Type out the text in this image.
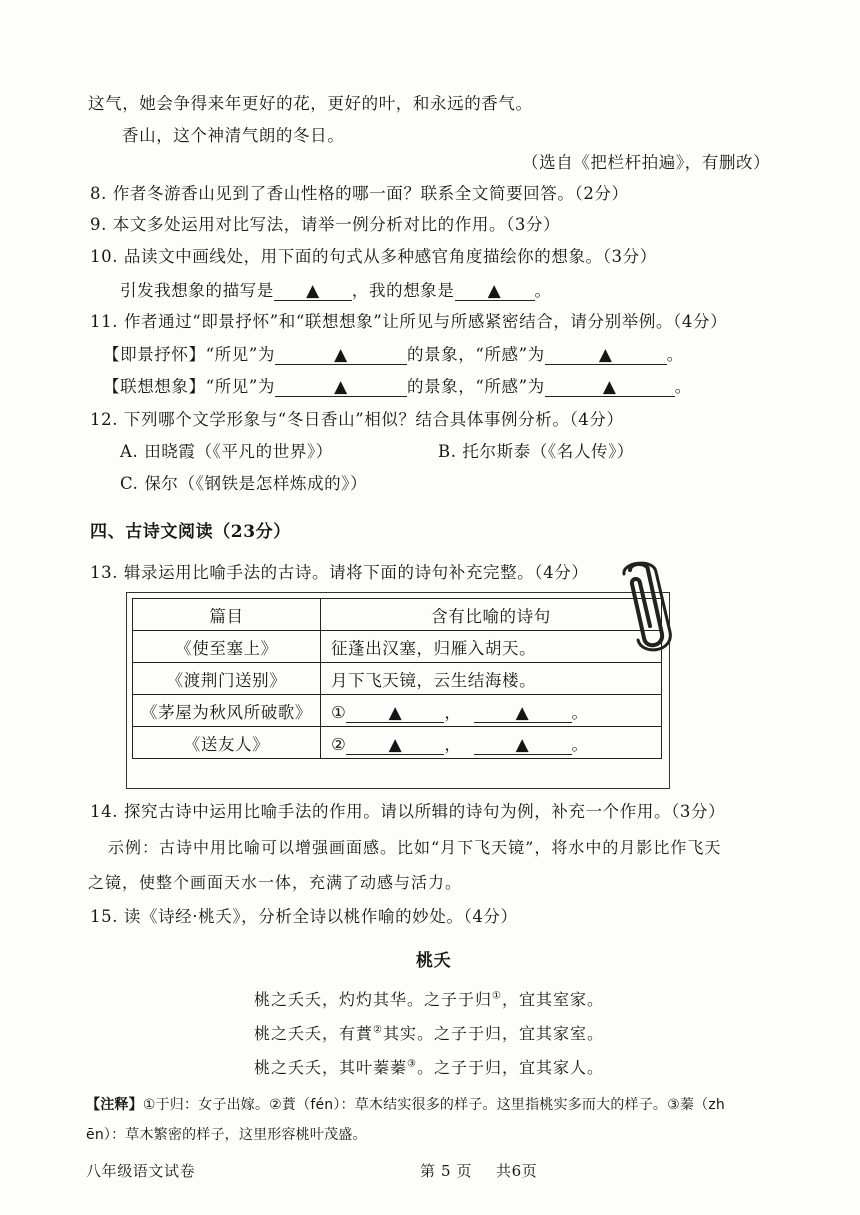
这气，她会争得来年更好的花，更好的叶，和永远的香气。
香山，这个神清气朗的冬日。
（选自《把栏杆拍遍》，有删改）
8. 作者冬游香山见到了香山性格的哪一面？联系全文简要回答。（2分）
9. 本文多处运用对比写法，请举一例分析对比的作用。（3分）
10. 品读文中画线处，用下面的句式从多种感官角度描绘你的想象。（3分）
引发我想象的描写是 ▲ ，我的想象是 ▲ 。
11. 作者通过“即景抒怀”和“联想想象”让所见与所感紧密结合，请分别举例。（4分）
【即景抒怀】“所见”为	▲	的景象，“所感”为	▲	。
【联想想象】“所见”为	▲	的景象，“所感”为	▲	。
12. 下列哪个文学形象与“冬日香山”相似？结合具体事例分析。（4分）
A. 田晓霞（《平凡的世界》）	B. 托尔斯泰（《名人传》）
C. 保尔（《钢铁是怎样炼成的》）
四、古诗文阅读（23分）
13. 辑录运用比喻手法的古诗。请将下面的诗句补充完整。（4分）
篇目	含有比喻的诗句
《使至塞上》	征蓬出汉塞，归雁入胡天。
《渡荆门送别》	月下飞天镜，云生结海楼。
《茅屋为秋风所破歌》	① ▲ ， ▲ 。
《送友人》	② ▲ ， ▲ 。
14. 探究古诗中运用比喻手法的作用。请以所辑的诗句为例，补充一个作用。（3分）
示例：古诗中用比喻可以增强画面感。比如“月下飞天镜”，将水中的月影比作飞天
之镜，使整个画面天水一体，充满了动感与活力。
15. 读《诗经·桃夭》，分析全诗以桃作喻的妙处。（4分）
桃夭
桃之夭夭，灼灼其华。之子于归①，宜其室家。
桃之夭夭，有蕡②其实。之子于归，宜其家室。
桃之夭夭，其叶蓁蓁③。之子于归，宜其家人。
【注释】①于归：女子出嫁。②蕡（fén）：草木结实很多的样子。这里指桃实多而大的样子。③蓁（zh
ēn）：草木繁密的样子，这里形容桃叶茂盛。
八年级语文试卷	第 5 页 共6页
